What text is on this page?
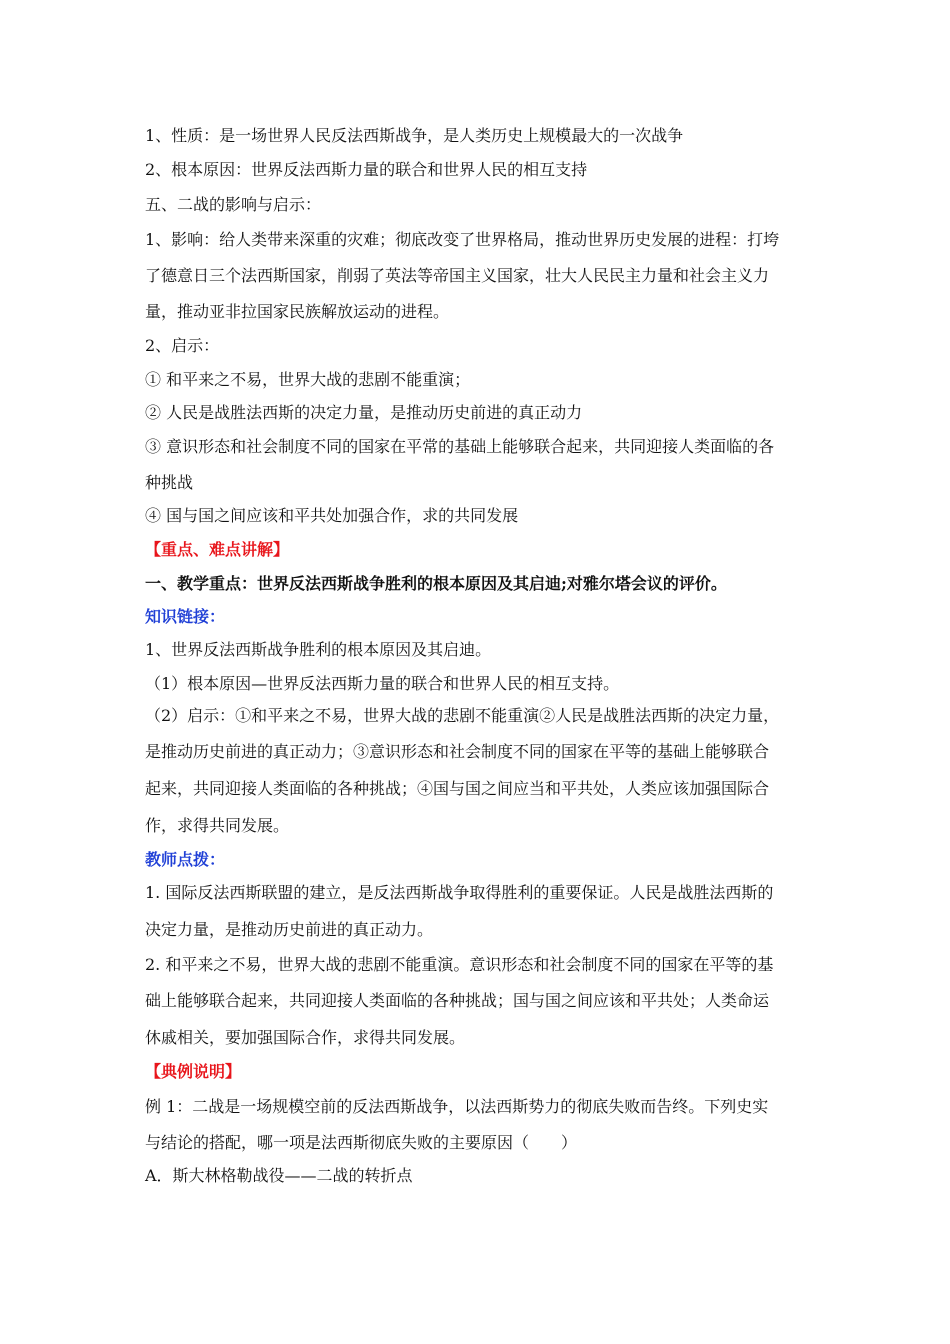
1、性质：是一场世界人民反法西斯战争，是人类历史上规模最大的一次战争
2、根本原因：世界反法西斯力量的联合和世界人民的相互支持
五、二战的影响与启示：
1、影响：给人类带来深重的灾难；彻底改变了世界格局，推动世界历史发展的进程：打垮
了德意日三个法西斯国家，削弱了英法等帝国主义国家，壮大人民民主力量和社会主义力
量，推动亚非拉国家民族解放运动的进程。
2、启示：
① 和平来之不易，世界大战的悲剧不能重演；
② 人民是战胜法西斯的决定力量，是推动历史前进的真正动力
③ 意识形态和社会制度不同的国家在平常的基础上能够联合起来，共同迎接人类面临的各
种挑战
④ 国与国之间应该和平共处加强合作，求的共同发展
【重点、难点讲解】
一、教学重点：世界反法西斯战争胜利的根本原因及其启迪;对雅尔塔会议的评价。
知识链接：
1、世界反法西斯战争胜利的根本原因及其启迪。
（1）根本原因—世界反法西斯力量的联合和世界人民的相互支持。
（2）启示：①和平来之不易，世界大战的悲剧不能重演②人民是战胜法西斯的决定力量，
是推动历史前进的真正动力；③意识形态和社会制度不同的国家在平等的基础上能够联合
起来，共同迎接人类面临的各种挑战；④国与国之间应当和平共处，人类应该加强国际合
作，求得共同发展。
教师点拨：
1. 国际反法西斯联盟的建立，是反法西斯战争取得胜利的重要保证。人民是战胜法西斯的
决定力量，是推动历史前进的真正动力。
2. 和平来之不易，世界大战的悲剧不能重演。意识形态和社会制度不同的国家在平等的基
础上能够联合起来，共同迎接人类面临的各种挑战；国与国之间应该和平共处；人类命运
休戚相关，要加强国际合作，求得共同发展。
【典例说明】
例 1：二战是一场规模空前的反法西斯战争，以法西斯势力的彻底失败而告终。下列史实
与结论的搭配，哪一项是法西斯彻底失败的主要原因（　　）
A．斯大林格勒战役——二战的转折点
